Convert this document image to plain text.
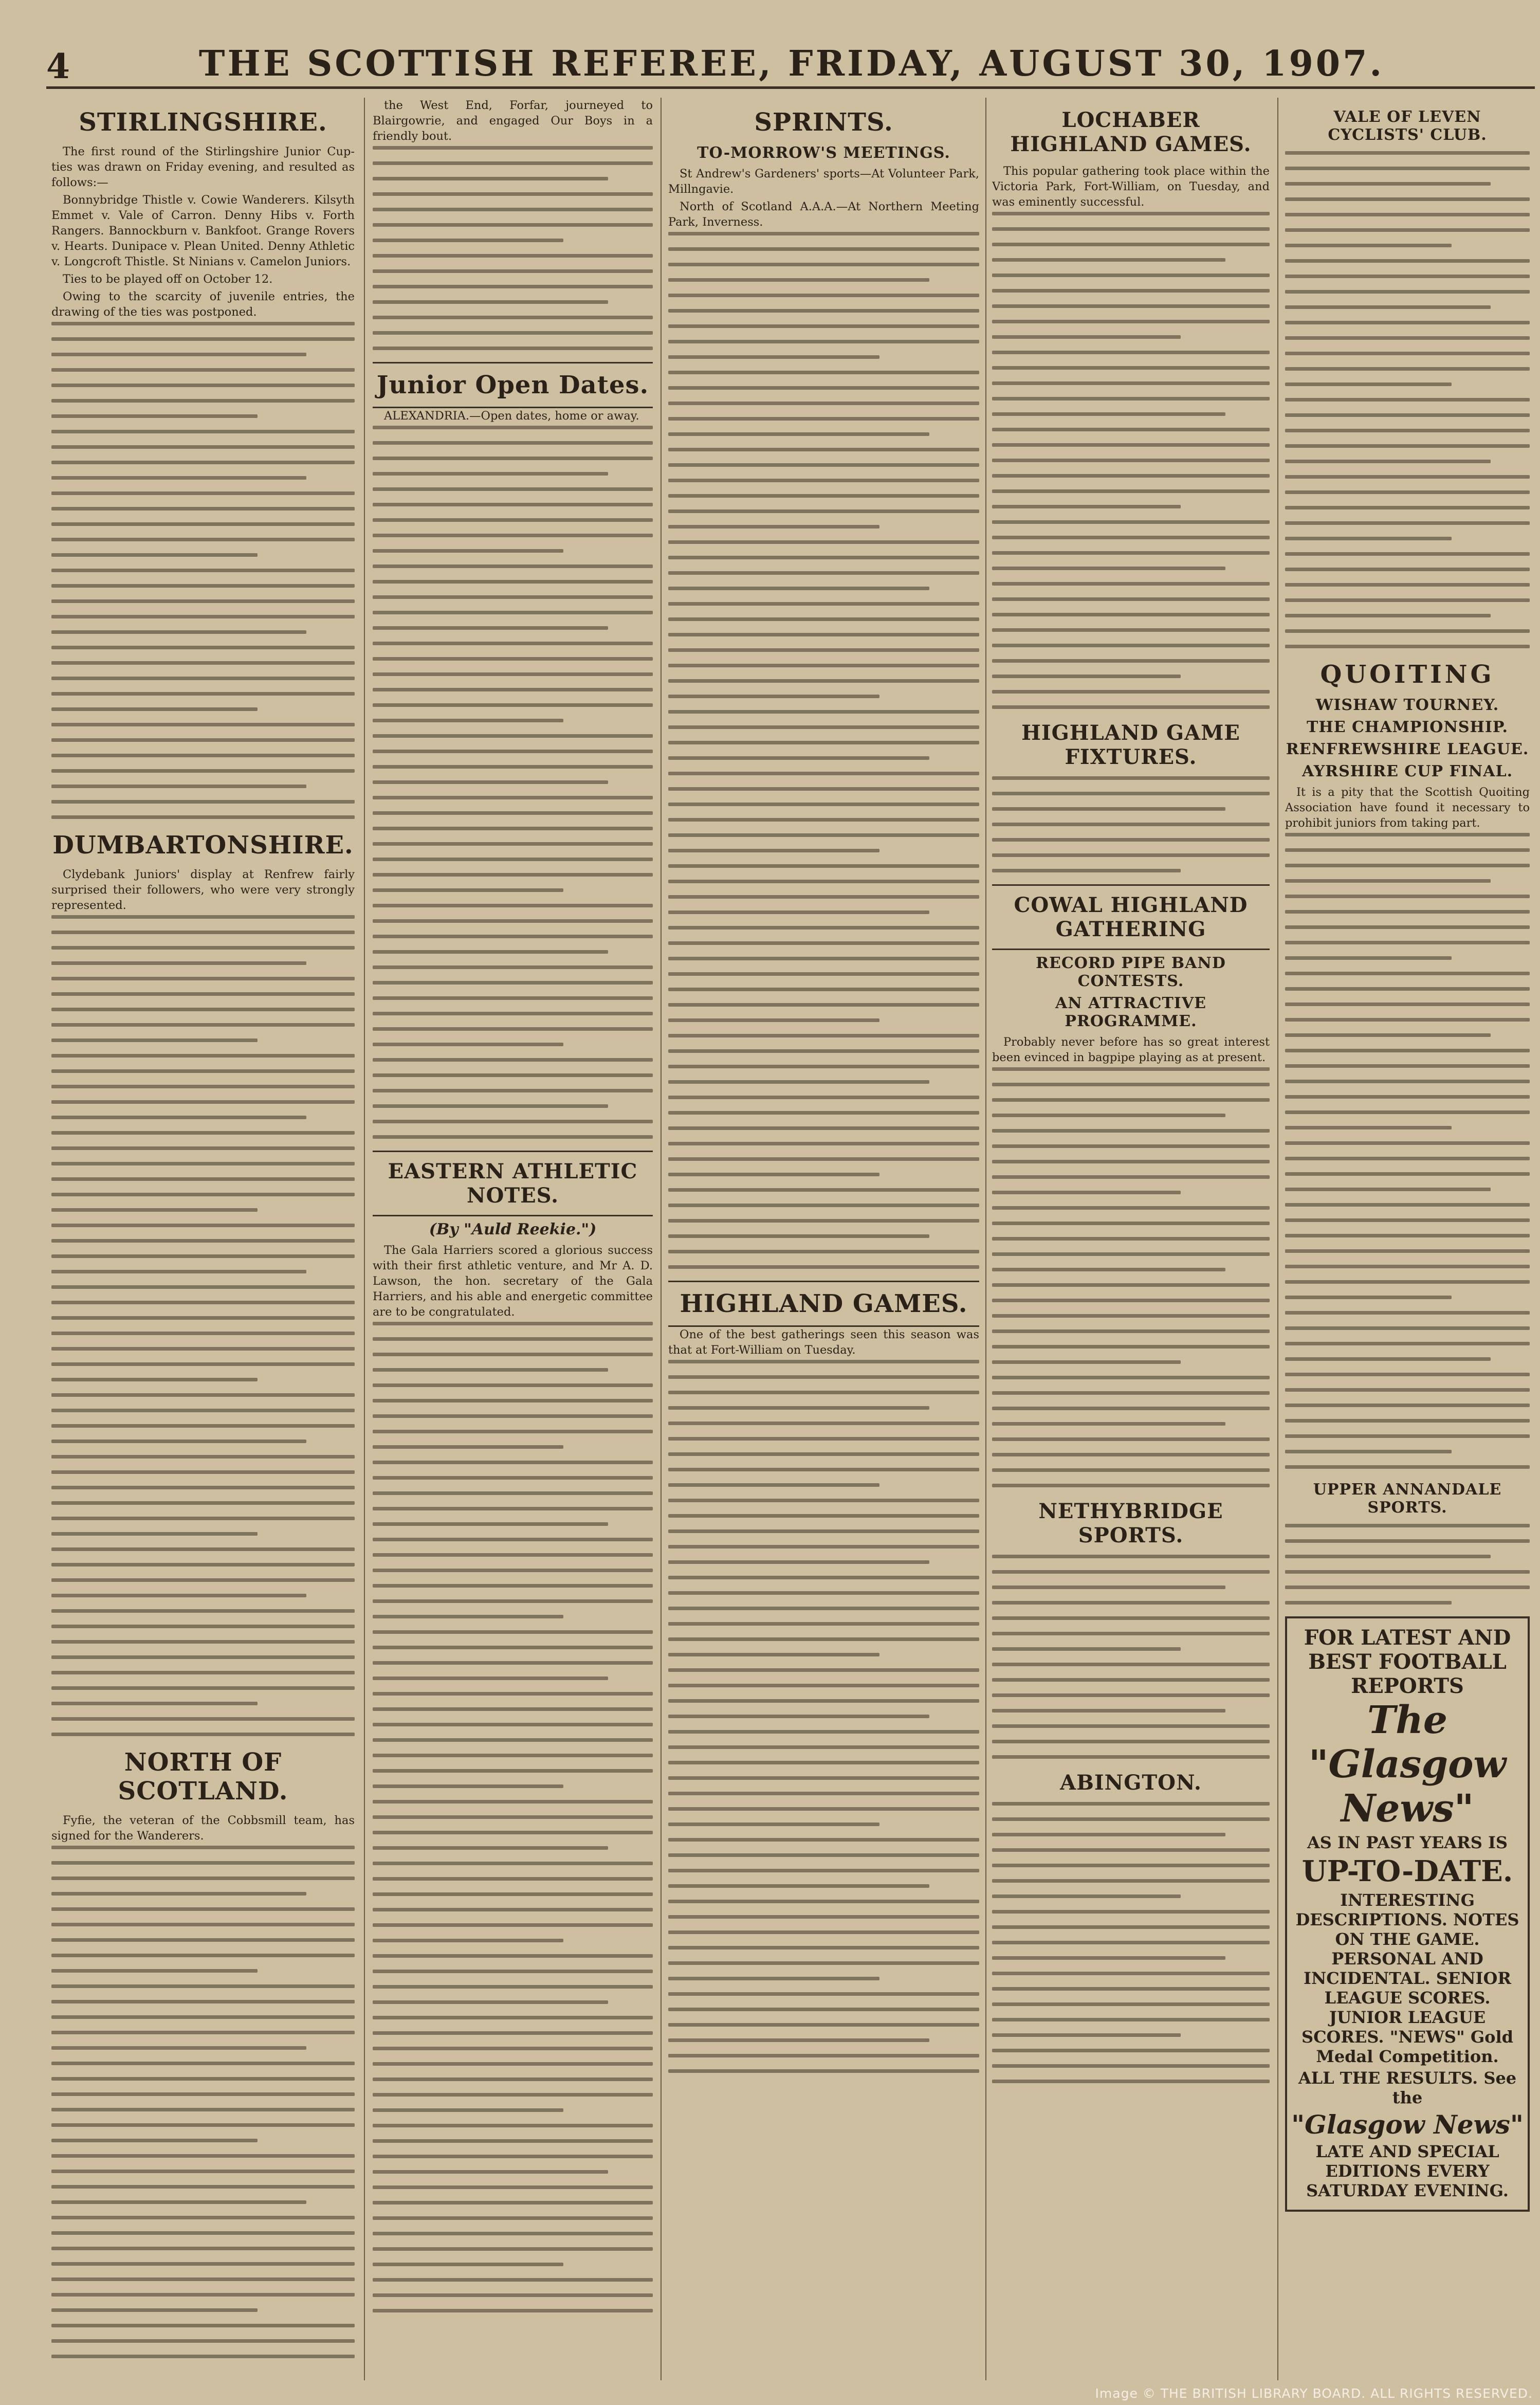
4	THE SCOTTISH REFEREE, FRIDAY, AUGUST 30, 1907.
STIRLINGSHIRE.

The first round of the Stirlingshire Junior Cup-ties was drawn on Friday evening, and resulted as follows:—

Bonnybridge Thistle v. Cowie Wanderers. Kilsyth Emmet v. Vale of Carron. Denny Hibs v. Forth Rangers. Bannockburn v. Bankfoot. Grange Rovers v. Hearts. Dunipace v. Plean United. Denny Athletic v. Longcroft Thistle. St Ninians v. Camelon Juniors.

Ties to be played off on October 12.

Owing to the scarcity of juvenile entries, the drawing of the ties was postponed.

DUMBARTONSHIRE.

Clydebank Juniors' display at Renfrew fairly surprised their followers, who were very strongly represented.

NORTH OF SCOTLAND.

Fyfie, the veteran of the Cobbsmill team, has signed for the Wanderers.

the West End, Forfar, journeyed to Blairgowrie, and engaged Our Boys in a friendly bout.

Junior Open Dates.

ALEXANDRIA.—Open dates, home or away.

EASTERN ATHLETIC NOTES.
(By "Auld Reekie.")

The Gala Harriers scored a glorious success with their first athletic venture, and Mr A. D. Lawson, the hon. secretary of the Gala Harriers, and his able and energetic committee are to be congratulated.

SPRINTS.
TO-MORROW'S MEETINGS.

St Andrew's Gardeners' sports—At Volunteer Park, Millngavie.

North of Scotland A.A.A.—At Northern Meeting Park, Inverness.

HIGHLAND GAMES.

One of the best gatherings seen this season was that at Fort-William on Tuesday.

LOCHABER HIGHLAND GAMES.

This popular gathering took place within the Victoria Park, Fort-William, on Tuesday, and was eminently successful.

HIGHLAND GAME FIXTURES.
COWAL HIGHLAND GATHERING
RECORD PIPE BAND CONTESTS.
AN ATTRACTIVE PROGRAMME.

Probably never before has so great interest been evinced in bagpipe playing as at present.

NETHYBRIDGE SPORTS.
ABINGTON.
VALE OF LEVEN CYCLISTS' CLUB.
QUOITING
WISHAW TOURNEY.
THE CHAMPIONSHIP.
RENFREWSHIRE LEAGUE.
AYRSHIRE CUP FINAL.

It is a pity that the Scottish Quoiting Association have found it necessary to prohibit juniors from taking part.

UPPER ANNANDALE SPORTS.
FOR LATEST AND BEST FOOTBALL REPORTS
The "Glasgow News"
AS IN PAST YEARS IS
UP-TO-DATE.
INTERESTING DESCRIPTIONS. NOTES ON THE GAME. PERSONAL AND INCIDENTAL. SENIOR LEAGUE SCORES. JUNIOR LEAGUE SCORES. "NEWS" Gold Medal Competition.
ALL THE RESULTS. See the
"Glasgow News"
LATE AND SPECIAL EDITIONS EVERY SATURDAY EVENING.
Image © THE BRITISH LIBRARY BOARD. ALL RIGHTS RESERVED.
